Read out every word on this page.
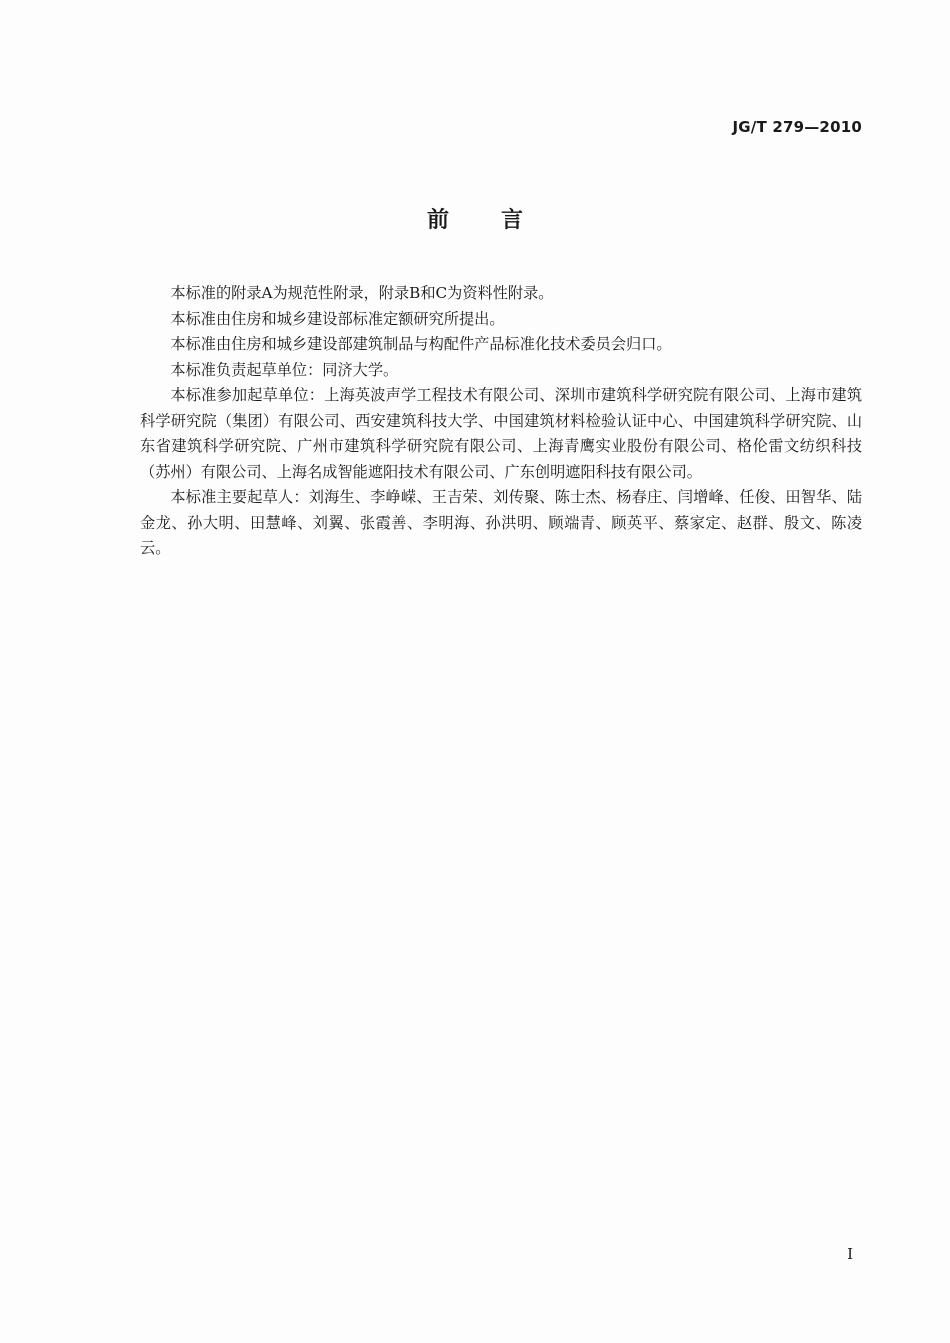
JG/T 279—2010
前言

本标准的附录A为规范性附录，附录B和C为资料性附录。

本标准由住房和城乡建设部标准定额研究所提出。

本标准由住房和城乡建设部建筑制品与构配件产品标准化技术委员会归口。

本标准负责起草单位：同济大学。

本标准参加起草单位：上海英波声学工程技术有限公司、深圳市建筑科学研究院有限公司、上海市建筑科学研究院（集团）有限公司、西安建筑科技大学、中国建筑材料检验认证中心、中国建筑科学研究院、山东省建筑科学研究院、广州市建筑科学研究院有限公司、上海青鹰实业股份有限公司、格伦雷文纺织科技（苏州）有限公司、上海名成智能遮阳技术有限公司、广东创明遮阳科技有限公司。

本标准主要起草人：刘海生、李峥嵘、王吉荣、刘传聚、陈士杰、杨春庄、闫增峰、任俊、田智华、陆金龙、孙大明、田慧峰、刘翼、张霞善、李明海、孙洪明、顾端青、顾英平、蔡家定、赵群、殷文、陈凌云。

I
